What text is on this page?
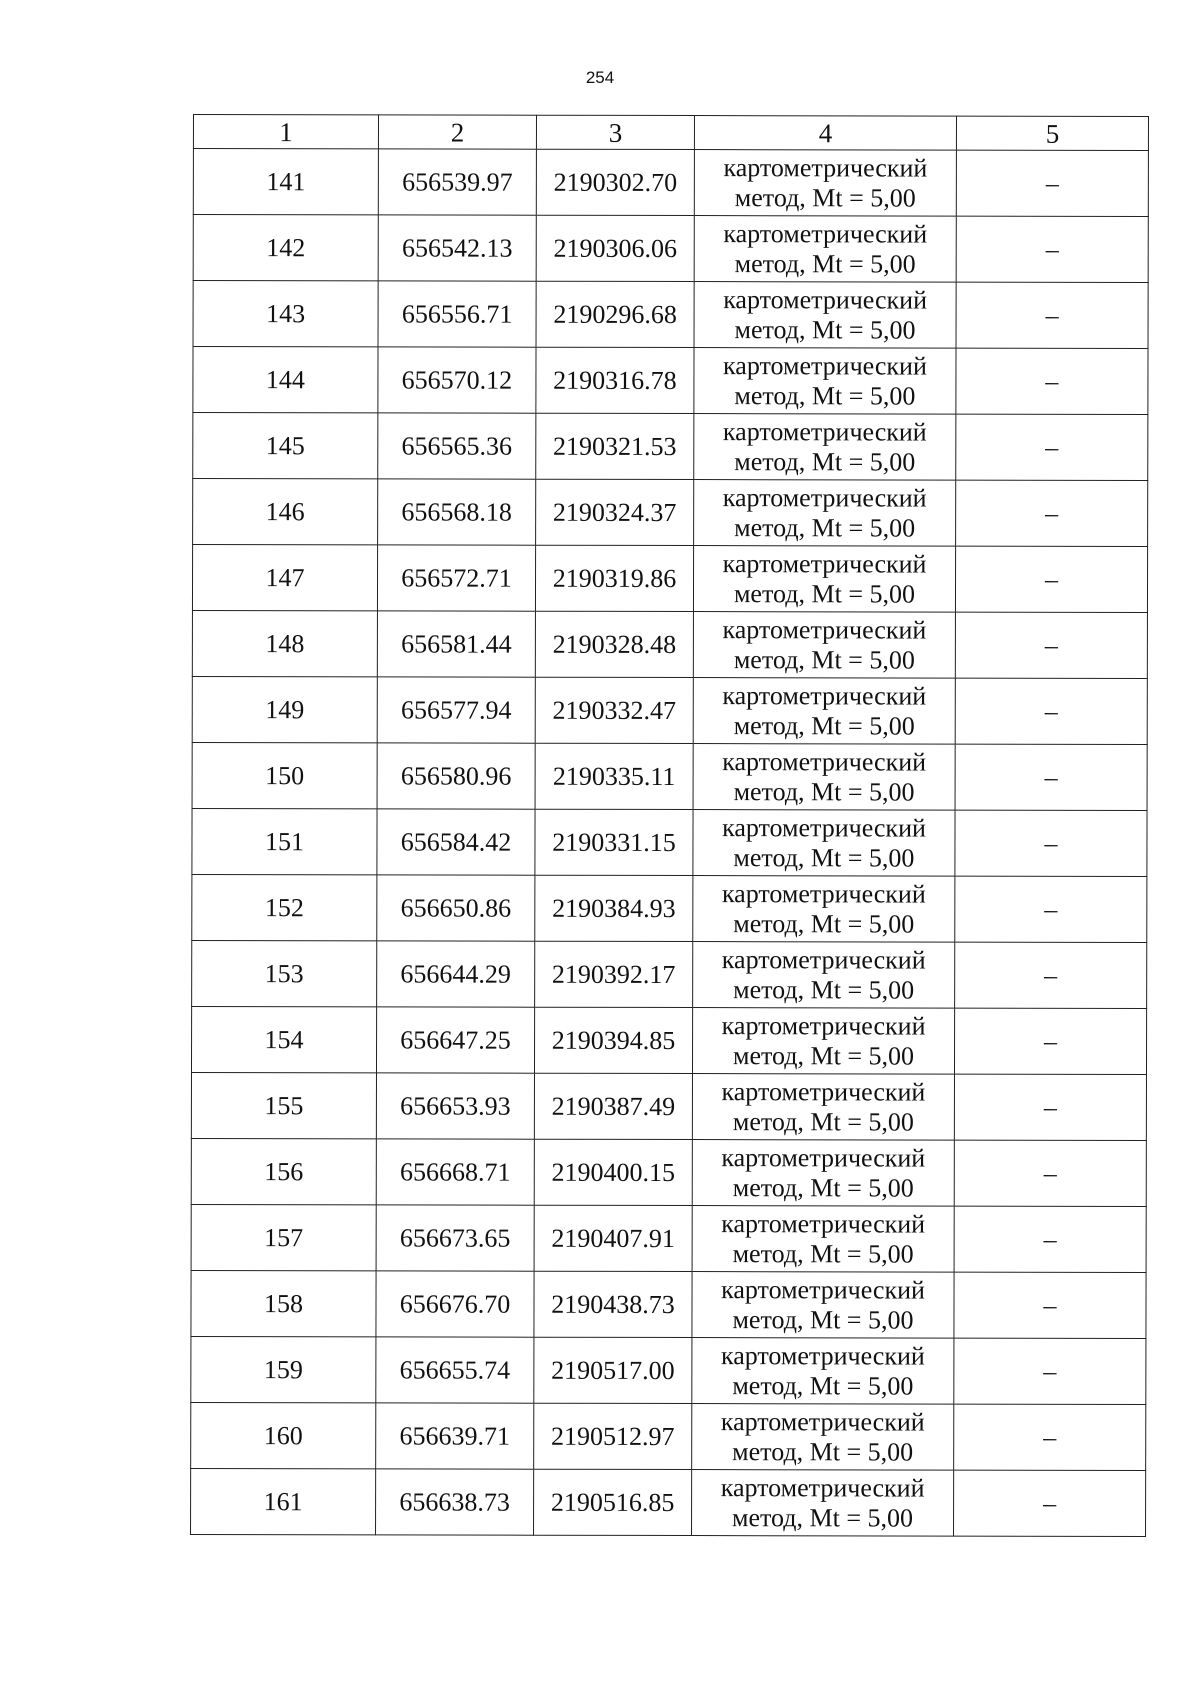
254
1	2	3	4	5
141	656539.97	2190302.70	картометрический
метод, Mt = 5,00	–
142	656542.13	2190306.06	картометрический
метод, Mt = 5,00	–
143	656556.71	2190296.68	картометрический
метод, Mt = 5,00	–
144	656570.12	2190316.78	картометрический
метод, Mt = 5,00	–
145	656565.36	2190321.53	картометрический
метод, Mt = 5,00	–
146	656568.18	2190324.37	картометрический
метод, Mt = 5,00	–
147	656572.71	2190319.86	картометрический
метод, Mt = 5,00	–
148	656581.44	2190328.48	картометрический
метод, Mt = 5,00	–
149	656577.94	2190332.47	картометрический
метод, Mt = 5,00	–
150	656580.96	2190335.11	картометрический
метод, Mt = 5,00	–
151	656584.42	2190331.15	картометрический
метод, Mt = 5,00	–
152	656650.86	2190384.93	картометрический
метод, Mt = 5,00	–
153	656644.29	2190392.17	картометрический
метод, Mt = 5,00	–
154	656647.25	2190394.85	картометрический
метод, Mt = 5,00	–
155	656653.93	2190387.49	картометрический
метод, Mt = 5,00	–
156	656668.71	2190400.15	картометрический
метод, Mt = 5,00	–
157	656673.65	2190407.91	картометрический
метод, Mt = 5,00	–
158	656676.70	2190438.73	картометрический
метод, Mt = 5,00	–
159	656655.74	2190517.00	картометрический
метод, Mt = 5,00	–
160	656639.71	2190512.97	картометрический
метод, Mt = 5,00	–
161	656638.73	2190516.85	картометрический
метод, Mt = 5,00	–
